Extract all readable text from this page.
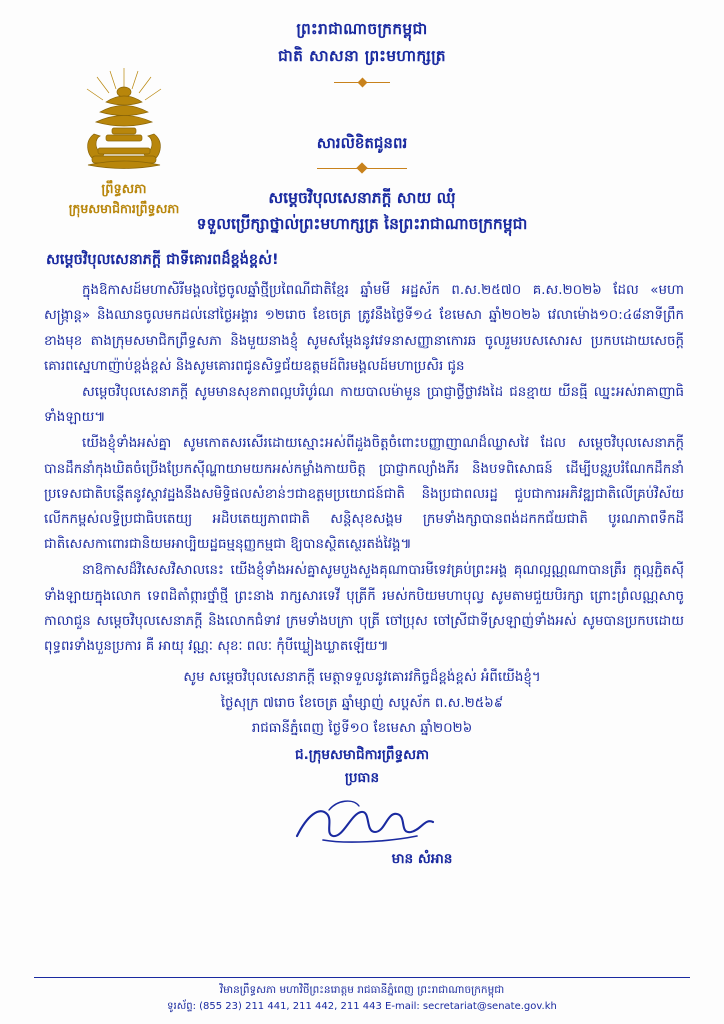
ព្រះរាជាណាចក្រកម្ពុជា
ជាតិ សាសនា ព្រះមហាក្សត្រ
ព្រឹទ្ធសភា
ក្រុមសមាជិការព្រឹទ្ធសភា
សារលិខិតជូនពរ
សម្ដេចវិបុលសេនាភក្ដី សាយ ឈុំ
ទទួលប្រើក្សាថ្នាល់ព្រះមហាក្សត្រ នៃព្រះរាជាណាចក្រកម្ពុជា
សម្ដេចវិបុលសេនាភក្ដី ជាទីគោរពដ៏ខ្ពង់ខ្ពស់!

ក្នុងឱកាសដ៍មហាសិរីមង្គលថ្ងៃចូលឆ្នាំថ្មីប្រពៃណីជាតិខ្មែរ ឆ្នាំមមី អដ្ឋស័ក ព.ស.២៥៧០ គ.ស.២០២៦ ដែល «មហាសង្រ្កាន្ត» និងឈានចូលមកដល់នៅថ្ងៃអង្គារ ១២រោច ខែចេត្រ ត្រូវនឹងថ្ងៃទី១៤ ខែមេសា ឆ្នាំ២០២៦ វេលាម៉ោង១០:៤៨នាទីព្រឹក ខាងមុខ តាងក្រុមសមាជិកព្រឹទ្ធសភា និងមួយនាងខ្ញុំ សូមសម្ដែងនូវវេទនាសញ្ញានាកោរឆ ចូលរួមរបសសោរស ប្រកបដោយសេចក្ដីគោរពស្នេហាញ៉ាប់ខ្ពង់ខ្ពស់ និងសូមគោរពជូនសិទ្ធជ័យឧត្ដមដ៍ពិរមង្គលដ៍មហាប្រសិរ ជូន

សម្ដេចវិបុលសេនាភក្ដី សូមមានសុខភាពល្អបរិបូរ៌ណ កាយបាលម៉ាមួន ប្រាជ្ញាថ្លីថ្លាវងដៃ ជនខ្មាយ យីនធ្មី ឈ្នះអស់រាគាញាធិទាំងឡាយ៕

យើងខ្ញុំទាំងអស់គ្នា សូមកោតសរសើរដោយស្មោះអស់ពីដួងចិត្តចំពោះបញ្ញាញាណដ៏ឈ្លាសវៃ ដែល សម្ដេចវិបុលសេនាភក្ដី បានដឹកនាំកុងឃិតចំប្រើងប្រែកស៊ីណ្ហាយាមយកអស់កម្លាំងកាយចិត្ត ប្រាជ្ញាកល្យាំងភីរ និងបទពិសោធន៍ ដើម្បីបន្ដរួបរំណែកដឹកនាំប្រទេសជាតិបន្ដើតនូវស្ដាវដ្ឋងនឹងសមិទ្ធិផលសំខាន់ៗជាឧត្ដមប្រយោជន៍ជាតិ និងប្រជាពលរដ្ឋ ជួបជាការអភិវឌ្ឍជាតិលើគ្រប់វិស័យ លើកកម្ពស់លទ្ធិប្រជាធិបតេយ្យ អដិបតេយ្យភាពជាតិ សន្ដិសុខសង្គម ក្រមទាំងក្សាបានពង់ដកកជ័យជាតិ បូរណភាពទឹកដីជាតិសេសកាពោរជានិយមអាប្បិយដ្ឋធម្មនុញ្ញកម្មជា ឱ្យបានស្ថិតស្ថេរតង់វៃង្គ៕

នាឱកាសដ៏វិសេសវិសាលនេះ យើងខ្ញុំទាំងអស់គ្នាសូមបួងសួងគុណាបារមីទេវគ្រប់ព្រះអង្គ គុណល្អណ្ណណាបានត្រឹរ ក្តុល្អភ្ជិតស៊ីទាំងឡាយក្នុងលោក ទេពដិតាំព្ការថ្នាំថ្មី ព្រះនាង រាក្សសារទេវី បុត្រីកី រមស់កបិយមហាបុល្វ សូមតាមជួយបិរក្សា ព្រោះព្រំលណ្ណសាចូកាលាជួន សម្ដេចវិបុលសេនាភក្ដី និងលោកជំទាវ ក្រមទាំងបក្រា បុត្រី ចៅប្រុស ចៅស្រីជាទីស្រឡាញ់ទាំងអស់ សូមបានប្រកបដោយពុទ្ធពរទាំងបួនប្រការ គឺ អាយុ វណ្ណៈ សុខៈ ពលៈ កុំបីឃ្លៀងឃ្លាតឡើយ៕

សូម សម្ដេចវិបុលសេនាភក្ដី មេត្តាទទួលនូវគោរវកិច្ចដ៏ខ្ពង់ខ្ពស់ អំពីយើងខ្ញុំ។
ថ្ងៃសុក្រ ៧រោច ខែចេត្រ ឆ្នាំម្សាញ់ សប្តស័ក ព.ស.២៥៦៩
រាជធានីភ្នំពេញ ថ្ងៃទី១០ ខែមេសា ឆ្នាំ២០២៦
ជ.ក្រុមសមាជិការព្រឹទ្ធសភា
ប្រធាន
មាន សំអាន
វិមានព្រឹទ្ធសភា មហាវិថីព្រះនរោត្តម រាជធានីភ្នំពេញ ព្រះរាជាណាចក្រកម្ពុជា
ទូរស័ព្ទ: (855 23) 211 441, 211 442, 211 443 E-mail: secretariat@senate.gov.kh
